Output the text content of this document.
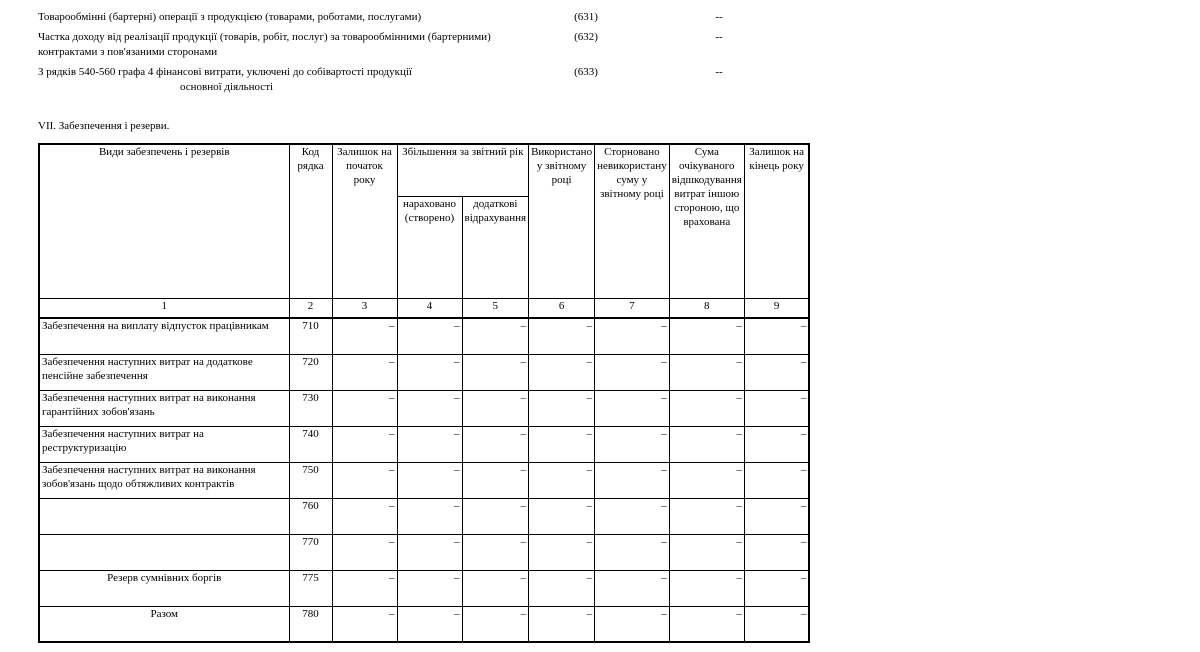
Товарообмінні (бартерні) операції з продукцією (товарами, роботами, послугами)	(631)	--
Частка доходу від реалізації продукції (товарів, робіт, послуг) за товарообмінними (бартерними)
контрактами з пов'язаними сторонами
(632)	--
З рядків 540-560 графа 4 фінансові витрати, уключені до собівартості продукції
основної діяльності
(633)	--
VII. Забезпечення і резерви.
Види забезпечень і резервів	Код рядка	Залишок на початок року	Збільшення за звітний рік		Використано у звітному році	Сторновано невикористану суму у звітному році	Сума очікуваного відшкодування витрат іншою стороною, що врахована	Залишок на кінець року
			нараховано (створено)	додаткові відрахування				
1	2	3	4	5	6	7	8	9
Забезпечення на виплату відпусток працівникам	710	–	–	–	–	–	–	–
Забезпечення наступних витрат на додаткове пенсійне забезпечення	720	–	–	–	–	–	–	–
Забезпечення наступних витрат на виконання гарантійних зобов'язань	730	–	–	–	–	–	–	–
Забезпечення наступних витрат на реструктуризацію	740	–	–	–	–	–	–	–
Забезпечення наступних витрат на виконання зобов'язань щодо обтяжливих контрактів	750	–	–	–	–	–	–	–
	760	–	–	–	–	–	–	–
	770	–	–	–	–	–	–	–
Резерв сумнівних боргів	775	–	–	–	–	–	–	–
Разом	780	–	–	–	–	–	–	–
